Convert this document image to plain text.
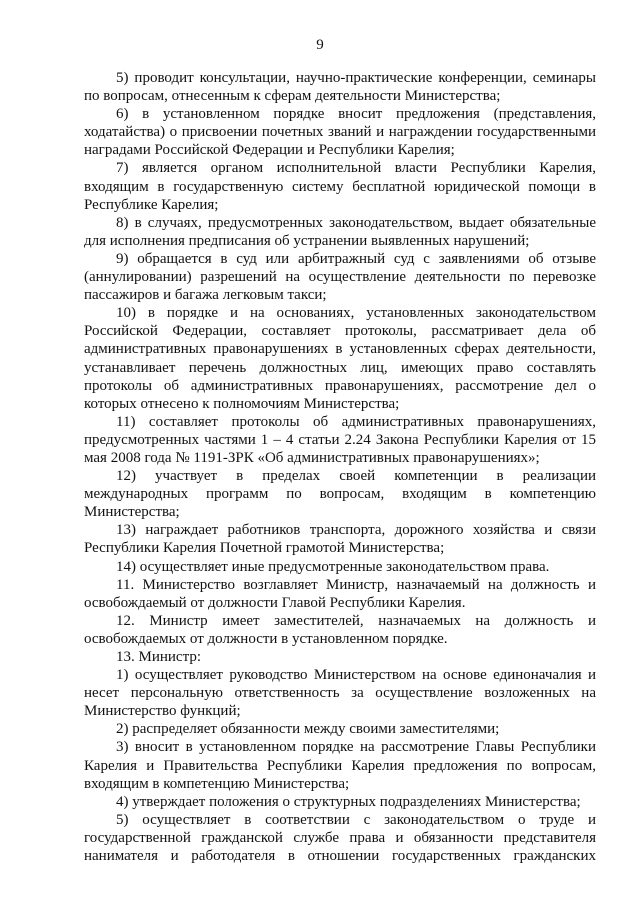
9

5) проводит консультации, научно-практические конференции, семинары по вопросам, отнесенным к сферам деятельности Министерства;

6) в установленном порядке вносит предложения (представления, ходатайства) о присвоении почетных званий и награждении государственными наградами Российской Федерации и Республики Карелия;

7) является органом исполнительной власти Республики Карелия, входящим в государственную систему бесплатной юридической помощи в Республике Карелия;

8) в случаях, предусмотренных законодательством, выдает обязательные для исполнения предписания об устранении выявленных нарушений;

9) обращается в суд или арбитражный суд с заявлениями об отзыве (аннулировании) разрешений на осуществление деятельности по перевозке пассажиров и багажа легковым такси;

10) в порядке и на основаниях, установленных законодательством Российской Федерации, составляет протоколы, рассматривает дела об административных правонарушениях в установленных сферах деятельности, устанавливает перечень должностных лиц, имеющих право составлять протоколы об административных правонарушениях, рассмотрение дел о которых отнесено к полномочиям Министерства;

11) составляет протоколы об административных правонарушениях, предусмотренных частями 1 – 4 статьи 2.24 Закона Республики Карелия от 15 мая 2008 года № 1191-ЗРК «Об административных правонарушениях»;

12) участвует в пределах своей компетенции в реализации международных программ по вопросам, входящим в компетенцию Министерства;

13) награждает работников транспорта, дорожного хозяйства и связи Республики Карелия Почетной грамотой Министерства;

14) осуществляет иные предусмотренные законодательством права.

11. Министерство возглавляет Министр, назначаемый на должность и освобождаемый от должности Главой Республики Карелия.

12. Министр имеет заместителей, назначаемых на должность и освобождаемых от должности в установленном порядке.

13. Министр:

1) осуществляет руководство Министерством на основе единоначалия и несет персональную ответственность за осуществление возложенных на Министерство функций;

2) распределяет обязанности между своими заместителями;

3) вносит в установленном порядке на рассмотрение Главы Республики Карелия и Правительства Республики Карелия предложения по вопросам, входящим в компетенцию Министерства;

4) утверждает положения о структурных подразделениях Министерства;

5) осуществляет в соответствии с законодательством о труде и государственной гражданской службе права и обязанности представителя нанимателя и работодателя в отношении государственных гражданских
